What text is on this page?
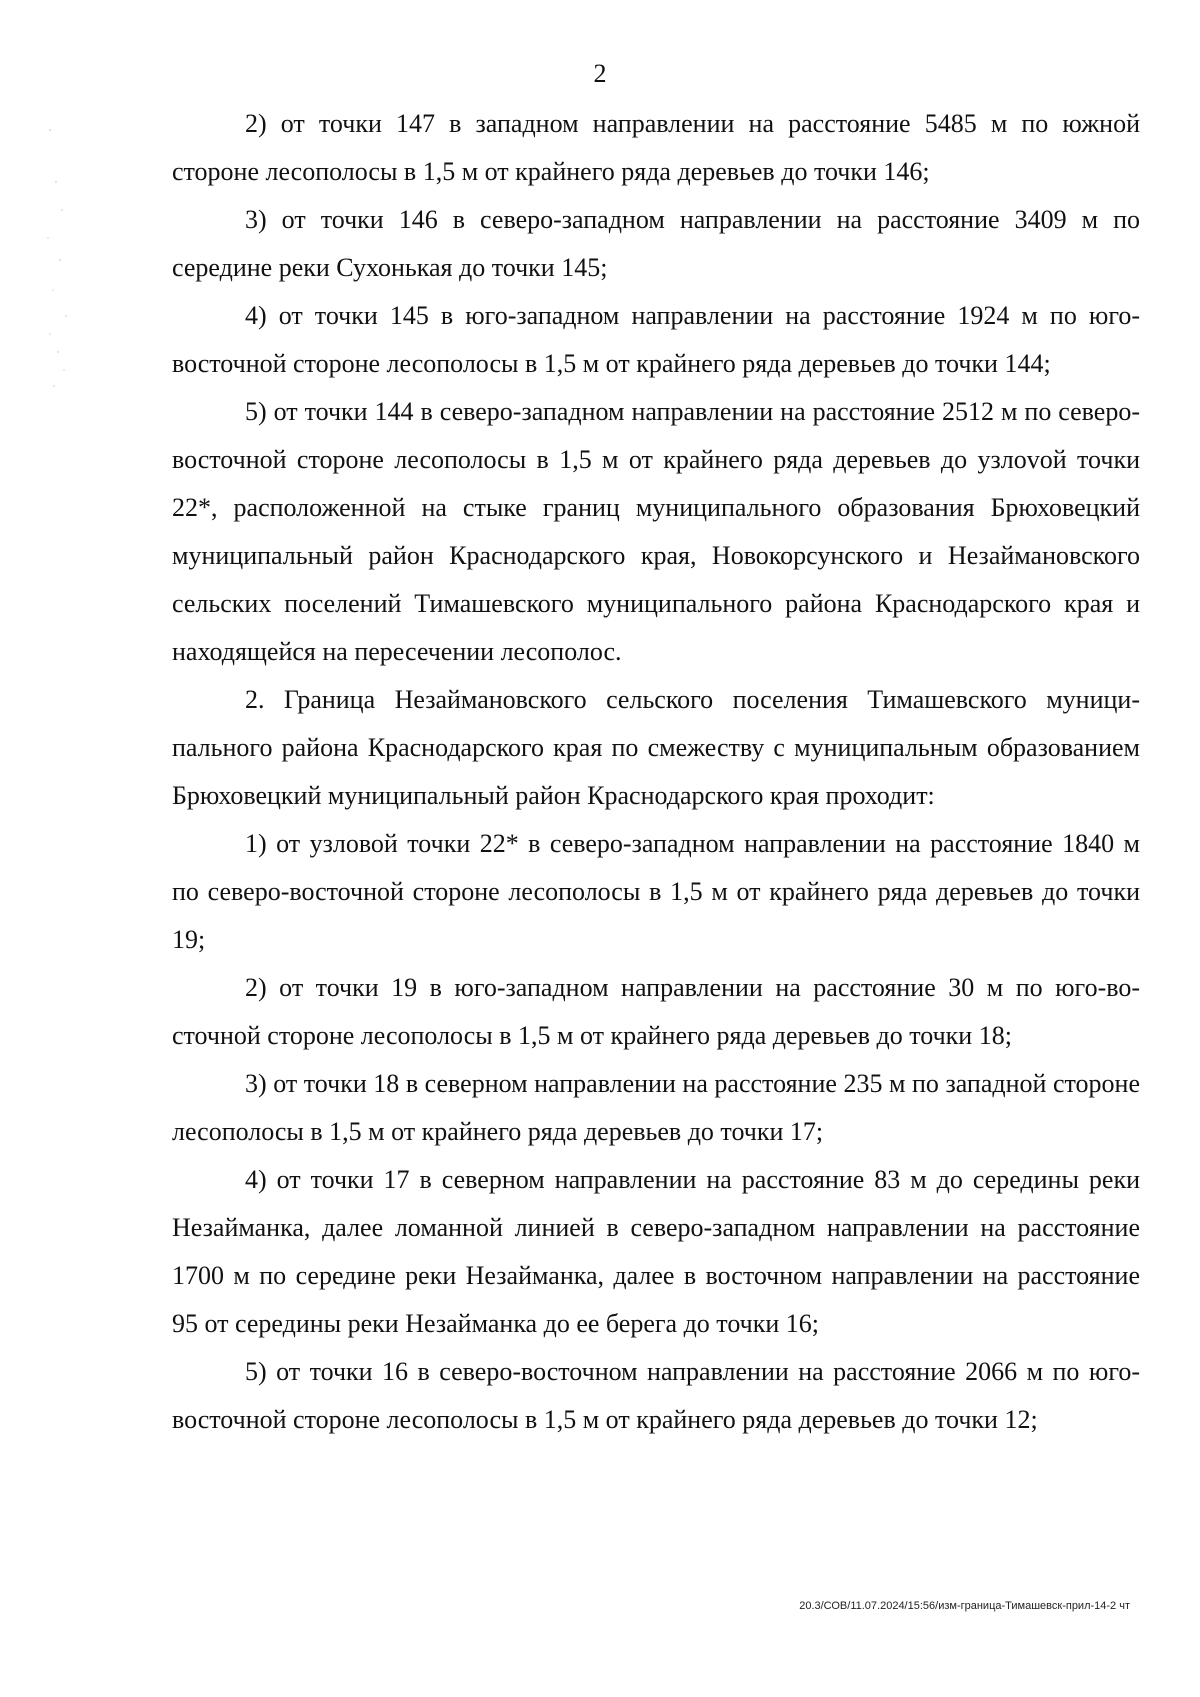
2

2) от точки 147 в западном направлении на расстояние 5485 м по южной стороне лесополосы в 1,5 м от крайнего ряда деревьев до точки 146;

3) от точки 146 в северо-западном направлении на расстояние 3409 м по середине реки Сухонькая до точки 145;

4) от точки 145 в юго-западном направлении на расстояние 1924 м по юго-восточной стороне лесополосы в 1,5 м от крайнего ряда деревьев до точки 144;

5) от точки 144 в северо-западном направлении на расстояние 2512 м по северо-восточной стороне лесополосы в 1,5 м от крайнего ряда деревьев до узлоvой точки 22*, расположенной на стыке границ муниципального образования Брюховецкий муниципальный район Краснодарского края, Новокорсунского и Незаймановского сельских поселений Тимашевского муниципального района Краснодарского края и находящейся на пересечении лесополос.

2. Граница Незаймановского сельского поселения Тимашевского муниципального района Краснодарского края по смежеству с муниципальным образованием Брюховецкий муниципальный район Краснодарского края проходит:

1) от узловой точки 22* в северо-западном направлении на расстояние 1840 м по северо-восточной стороне лесополосы в 1,5 м от крайнего ряда деревьев до точки 19;

2) от точки 19 в юго-западном направлении на расстояние 30 м по юго-восточной стороне лесополосы в 1,5 м от крайнего ряда деревьев до точки 18;

3) от точки 18 в северном направлении на расстояние 235 м по западной стороне лесополосы в 1,5 м от крайнего ряда деревьев до точки 17;

4) от точки 17 в северном направлении на расстояние 83 м до середины реки Незайманка, далее ломанной линией в северо-западном направлении на расстояние 1700 м по середине реки Незайманка, далее в восточном направлении на расстояние 95 от середины реки Незайманка до ее берега до точки 16;

5) от точки 16 в северо-восточном направлении на расстояние 2066 м по юго-восточной стороне лесополосы в 1,5 м от крайнего ряда деревьев до точки 12;

20.3/СОВ/11.07.2024/15:56/изм-граница-Тимашевск-прил-14-2 чт
